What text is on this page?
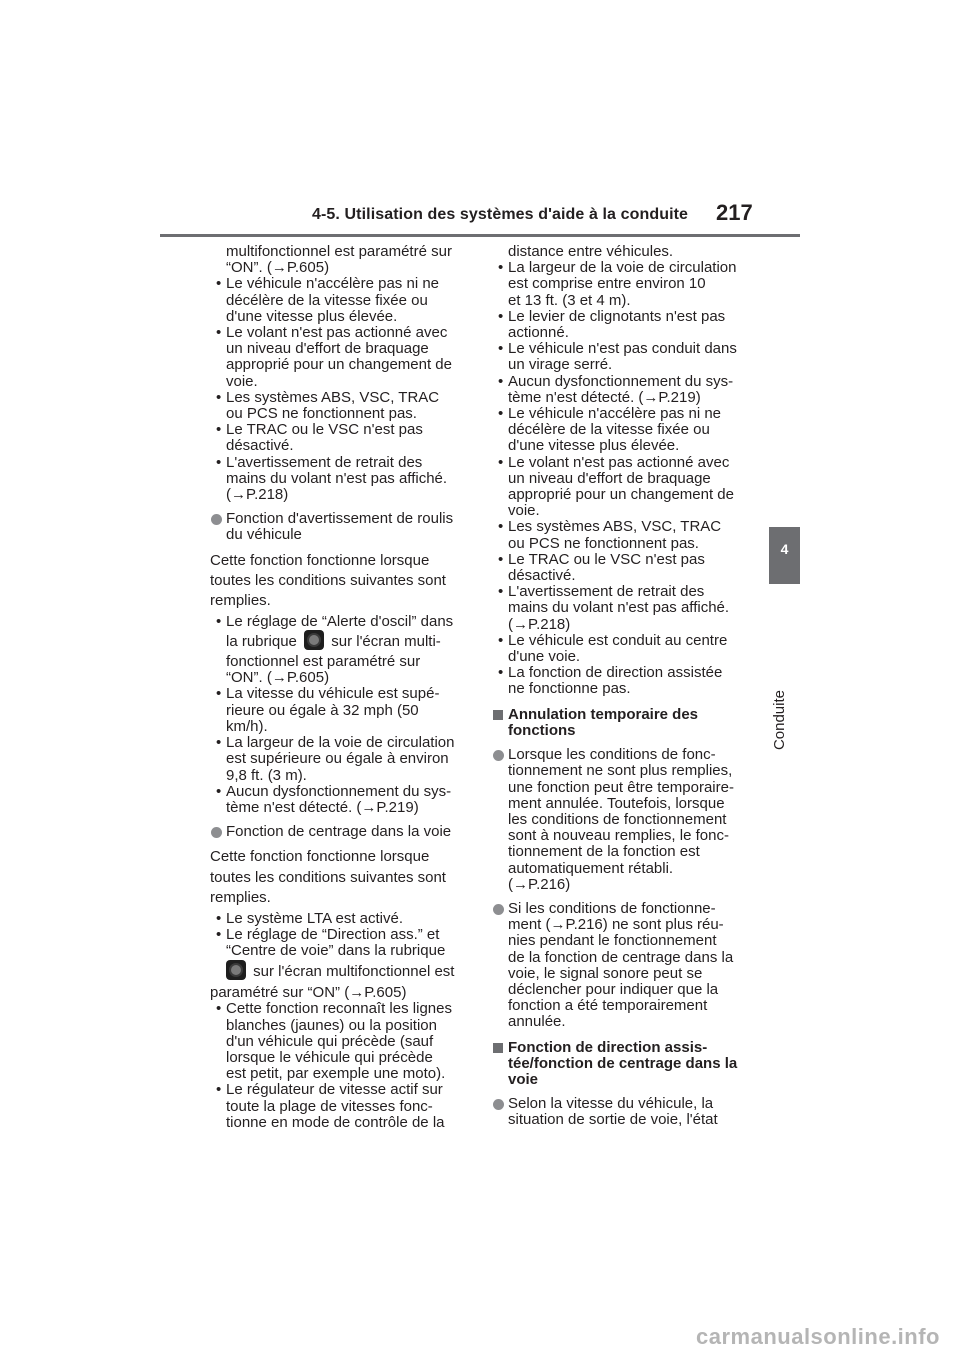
4-5. Utilisation des systèmes d'aide à la conduite 217
multifonctionnel est paramétré sur
“ON”. (→P.605)
• Le véhicule n'accélère pas ni ne
décélère de la vitesse fixée ou
d'une vitesse plus élevée.
• Le volant n'est pas actionné avec
un niveau d'effort de braquage
approprié pour un changement de
voie.
• Les systèmes ABS, VSC, TRAC
ou PCS ne fonctionnent pas.
• Le TRAC ou le VSC n'est pas
désactivé.
• L'avertissement de retrait des
mains du volant n'est pas affiché.
(→P.218)
Fonction d'avertissement de roulis
du véhicule
Cette fonction fonctionne lorsque
toutes les conditions suivantes sont
remplies.
• Le réglage de “Alerte d'oscil” dans
la rubrique sur l'écran multi-
fonctionnel est paramétré sur
“ON”. (→P.605)
• La vitesse du véhicule est supé-
rieure ou égale à 32 mph (50
km/h).
• La largeur de la voie de circulation
est supérieure ou égale à environ
9,8 ft. (3 m).
• Aucun dysfonctionnement du sys-
tème n'est détecté. (→P.219)
Fonction de centrage dans la voie
Cette fonction fonctionne lorsque
toutes les conditions suivantes sont
remplies.
• Le système LTA est activé.
• Le réglage de “Direction ass.” et
“Centre de voie” dans la rubrique
sur l'écran multifonctionnel est
paramétré sur “ON” (→P.605)
• Cette fonction reconnaît les lignes
blanches (jaunes) ou la position
d'un véhicule qui précède (sauf
lorsque le véhicule qui précède
est petit, par exemple une moto).
• Le régulateur de vitesse actif sur
toute la plage de vitesses fonc-
tionne en mode de contrôle de la
distance entre véhicules.
• La largeur de la voie de circulation
est comprise entre environ 10
et 13 ft. (3 et 4 m).
• Le levier de clignotants n'est pas
actionné.
• Le véhicule n'est pas conduit dans
un virage serré.
• Aucun dysfonctionnement du sys-
tème n'est détecté. (→P.219)
• Le véhicule n'accélère pas ni ne
décélère de la vitesse fixée ou
d'une vitesse plus élevée.
• Le volant n'est pas actionné avec
un niveau d'effort de braquage
approprié pour un changement de
voie.
• Les systèmes ABS, VSC, TRAC
ou PCS ne fonctionnent pas.
• Le TRAC ou le VSC n'est pas
désactivé.
• L'avertissement de retrait des
mains du volant n'est pas affiché.
(→P.218)
• Le véhicule est conduit au centre
d'une voie.
• La fonction de direction assistée
ne fonctionne pas.
Annulation temporaire des
fonctions
Lorsque les conditions de fonc-
tionnement ne sont plus remplies,
une fonction peut être temporaire-
ment annulée. Toutefois, lorsque
les conditions de fonctionnement
sont à nouveau remplies, le fonc-
tionnement de la fonction est
automatiquement rétabli.
(→P.216)
Si les conditions de fonctionne-
ment (→P.216) ne sont plus réu-
nies pendant le fonctionnement
de la fonction de centrage dans la
voie, le signal sonore peut se
déclencher pour indiquer que la
fonction a été temporairement
annulée.
Fonction de direction assis-
tée/fonction de centrage dans la
voie
Selon la vitesse du véhicule, la
situation de sortie de voie, l'état
4
Conduite
carmanualsonline.info
